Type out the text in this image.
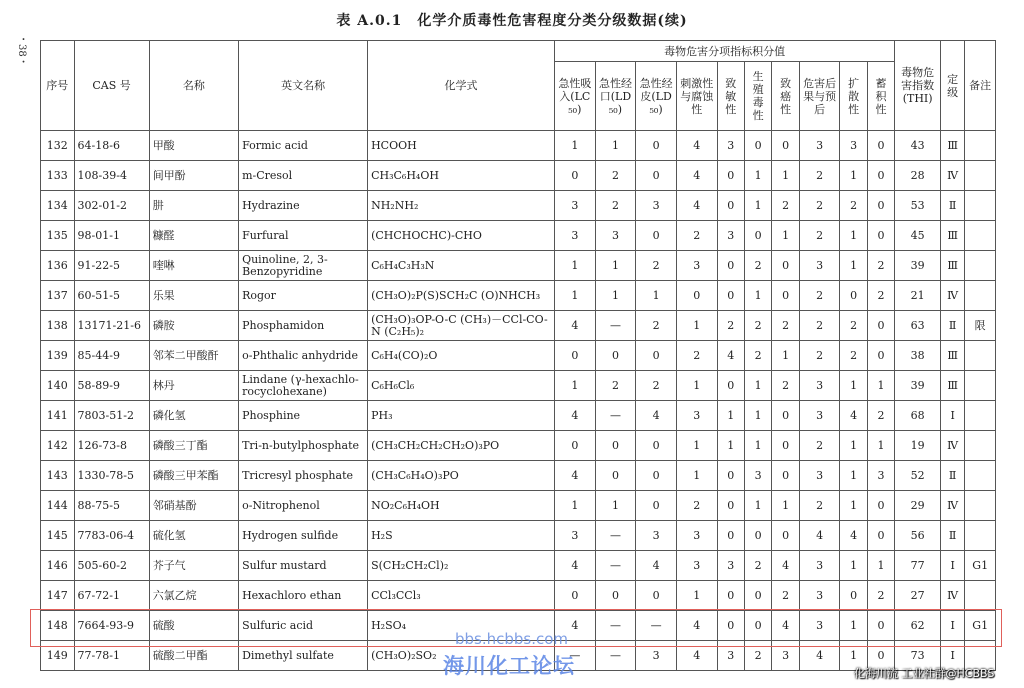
表 A.0.1　化学介质毒性危害程度分类分级数据(续)
・38・
序号	CAS 号	名称	英文名称	化学式	毒物危害分项指标积分值										毒物危害指数(THI)	定级	备注
					急性吸入(LC₅₀)	急性经口(LD₅₀)	急性经皮(LD₅₀)	刺激性与腐蚀性	致敏性	生殖毒性	致癌性	危害后果与预后	扩散性	蓄积性			
132	64-18-6	甲酸	Formic acid	HCOOH	1	1	0	4	3	0	0	3	3	0	43	Ⅲ	
133	108-39-4	间甲酚	m-Cresol	CH₃C₆H₄OH	0	2	0	4	0	1	1	2	1	0	28	Ⅳ	
134	302-01-2	肼	Hydrazine	NH₂NH₂	3	2	3	4	0	1	2	2	2	0	53	Ⅱ	
135	98-01-1	糠醛	Furfural	(CHCHOCHC)-CHO	3	3	0	2	3	0	1	2	1	0	45	Ⅲ	
136	91-22-5	喹啉	Quinoline, 2, 3-Benzopyridine	C₆H₄C₃H₃N	1	1	2	3	0	2	0	3	1	2	39	Ⅲ	
137	60-51-5	乐果	Rogor	(CH₃O)₂P(S)SCH₂C (O)NHCH₃	1	1	1	0	0	1	0	2	0	2	21	Ⅳ	
138	13171-21-6	磷胺	Phosphamidon	(CH₃O)₃OP-O-C (CH₃)－CCl-CO-N (C₂H₅)₂	4	—	2	1	2	2	2	2	2	0	63	Ⅱ	限
139	85-44-9	邻苯二甲酸酐	o-Phthalic anhydride	C₆H₄(CO)₂O	0	0	0	2	4	2	1	2	2	0	38	Ⅲ	
140	58-89-9	林丹	Lindane (γ-hexachlo-rocyclohexane)	C₆H₆Cl₆	1	2	2	1	0	1	2	3	1	1	39	Ⅲ	
141	7803-51-2	磷化氢	Phosphine	PH₃	4	—	4	3	1	1	0	3	4	2	68	Ⅰ	
142	126-73-8	磷酸三丁酯	Tri-n-butylphosphate	(CH₃CH₂CH₂CH₂O)₃PO	0	0	0	1	1	1	0	2	1	1	19	Ⅳ	
143	1330-78-5	磷酸三甲苯酯	Tricresyl phosphate	(CH₃C₆H₄O)₃PO	4	0	0	1	0	3	0	3	1	3	52	Ⅱ	
144	88-75-5	邻硝基酚	o-Nitrophenol	NO₂C₆H₄OH	1	1	0	2	0	1	1	2	1	0	29	Ⅳ	
145	7783-06-4	硫化氢	Hydrogen sulfide	H₂S	3	—	3	3	0	0	0	4	4	0	56	Ⅱ	
146	505-60-2	芥子气	Sulfur mustard	S(CH₂CH₂Cl)₂	4	—	4	3	3	2	4	3	1	1	77	Ⅰ	G1
147	67-72-1	六氯乙烷	Hexachloro ethan	CCl₃CCl₃	0	0	0	1	0	0	2	3	0	2	27	Ⅳ	
148	7664-93-9	硫酸	Sulfuric acid	H₂SO₄	4	—	—	4	0	0	4	3	1	0	62	Ⅰ	G1
149	77-78-1	硫酸二甲酯	Dimethyl sulfate	(CH₃O)₂SO₂	—	—	3	4	3	2	3	4	1	0	73	Ⅰ	
bbs.hcbbs.com
海川化工论坛	化海川流 工业社群@HCBBS
